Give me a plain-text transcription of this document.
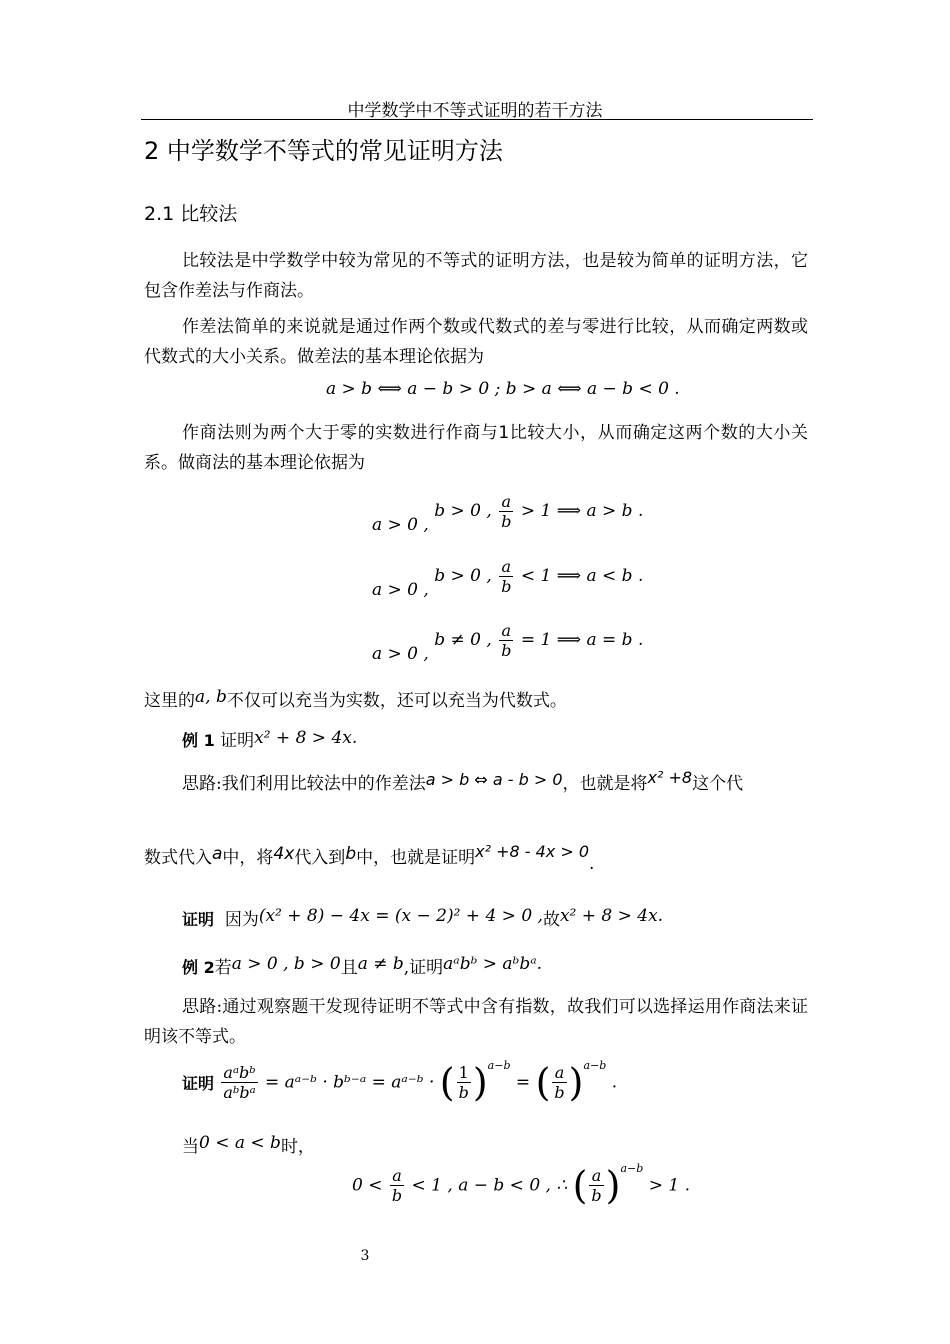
中学数学中不等式证明的若干方法
2 中学数学不等式的常见证明方法
2.1 比较法
比较法是中学数学中较为常见的不等式的证明方法，也是较为简单的证明方法，它包含作差法与作商法。
作差法简单的来说就是通过作两个数或代数式的差与零进行比较，从而确定两数或代数式的大小关系。做差法的基本理论依据为
a > b ⟺ a − b > 0 ; b > a ⟺ a − b < 0 .
作商法则为两个大于零的实数进行作商与1比较大小，从而确定这两个数的大小关系。做商法的基本理论依据为
a > 0 , b > 0 , $\frac{a}{b} > 1$ ⟹ a > b .
a > 0 , b > 0 , $\frac{a}{b} < 1$ ⟹ a < b .
a > 0 , b ≠ 0 , $\frac{a}{b} = 1$ ⟹ a = b .
这里的a, b不仅可以充当为实数，还可以充当为代数式。
例 1 证明x² + 8 > 4x.
思路:我们利用比较法中的作差法a > b ⇔ a - b > 0，也就是将x² +8这个代
数式代入a中，将4x代入到b中，也就是证明x² +8 - 4x > 0.
证明 因为(x² + 8) − 4x = (x − 2)² + 4 > 0 ,故x² + 8 > 4x.
例 2若a > 0 , b > 0且a ≠ b,证明aᵃbᵇ > aᵇbᵃ.
思路:通过观察题干发现待证明不等式中含有指数，故我们可以选择运用作商法来证明该不等式。
证明 $\frac{\text{aᵃbᵇ}}{\text{aᵇbᵃ}}$ = aᵃ⁻ᵇ · bᵇ⁻ᵃ = aᵃ⁻ᵇ · ( $\frac{1}{b} )^{a-b}$ = ( $\frac{a}{b} )^{a-b}$ .
当0 < a < b时，
$0 < \frac{a}{b} < 1$ , a − b < 0 , ∴ ( $\frac{a}{b} )^{a-b} > 1$ .
3
